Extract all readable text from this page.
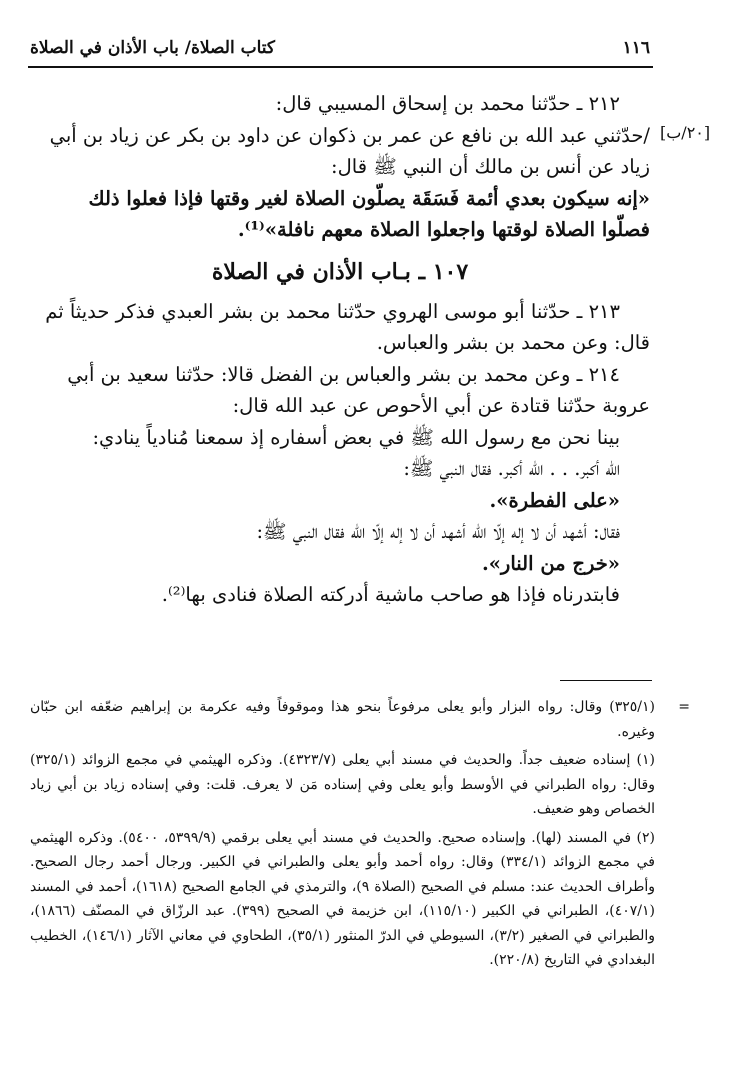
١١٦
كتاب الصلاة/ باب الأذان في الصلاة
[٢٠/ب]

٢١٢ ـ حدّثنا محمد بن إسحاق المسيبي قال:

/حدّثني عبد الله بن نافع عن عمر بن ذكوان عن داود بن بكر عن زياد بن أبي

زياد عن أنس بن مالك أن النبي ﷺ قال:

«إنه سيكون بعدي أئمة فَسَقَة يصلّون الصلاة لغير وقتها فإذا فعلوا ذلك

فصلّوا الصلاة لوقتها واجعلوا الصلاة معهم نافلة»⁽¹⁾.

١٠٧ ـ بـاب الأذان في الصلاة

٢١٣ ـ حدّثنا أبو موسى الهروي حدّثنا محمد بن بشر العبدي فذكر حديثاً ثم

قال: وعن محمد بن بشر والعباس.

٢١٤ ـ وعن محمد بن بشر والعباس بن الفضل قالا: حدّثنا سعيد بن أبي

عروبة حدّثنا قتادة عن أبي الأحوص عن عبد الله قال:

بينا نحن مع رسول الله ﷺ في بعض أسفاره إذ سمعنا مُنادياً ينادي:

الله أكبر. . . الله أكبر. فقال النبي ﷺ:

«على الفطرة».

فقال: أشهد أن لا إله إلّا الله أشهد أن لا إله إلّا الله فقال النبي ﷺ:

«خرج من النار».

فابتدرناه فإذا هو صاحب ماشية أدركته الصلاة فنادى بها⁽²⁾.

=
(٣٢٥/١) وقال: رواه البزار وأبو يعلى مرفوعاً بنحو هذا وموقوفاً وفيه عكرمة بن إبراهيم ضعّفه ابن حبّان وغيره.

(١) إسناده ضعيف جداً. والحديث في مسند أبي يعلى (٤٣٢٣/٧). وذكره الهيثمي في مجمع الزوائد (٣٢٥/١) وقال: رواه الطبراني في الأوسط وأبو يعلى وفي إسناده مَن لا يعرف. قلت: وفي إسناده زياد بن أبي زياد الخصاص وهو ضعيف.

(٢) في المسند (لها). وإسناده صحيح. والحديث في مسند أبي يعلى برقمي (٥٣٩٩/٩، ٥٤٠٠). وذكره الهيثمي في مجمع الزوائد (٣٣٤/١) وقال: رواه أحمد وأبو يعلى والطبراني في الكبير. ورجال أحمد رجال الصحيح. وأطراف الحديث عند: مسلم في الصحيح (الصلاة ٩)، والترمذي في الجامع الصحيح (١٦١٨)، أحمد في المسند (٤٠٧/١)، الطبراني في الكبير (١١٥/١٠)، ابن خزيمة في الصحيح (٣٩٩). عبد الرزّاق في المصنّف (١٨٦٦)، والطبراني في الصغير (٣/٢)، السيوطي في الدرّ المنثور (٣٥/١)، الطحاوي في معاني الآثار (١٤٦/١)، الخطيب البغدادي في التاريخ (٢٢٠/٨).
